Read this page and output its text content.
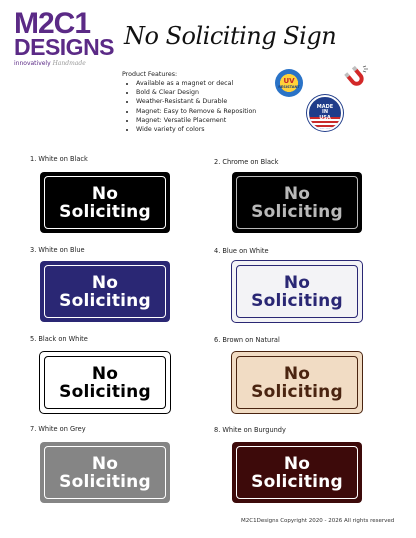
M2C1
DESIGNS
innovatively Handmade
No Soliciting Sign
Product Features:
• Available as a magnet or decal
• Bold & Clear Design
• Weather-Resistant & Durable
• Magnet: Easy to Remove & Reposition
• Magnet: Versatile Placement
• Wide variety of colors
UV
RESISTANT
MADE
IN
USA
1. White on Black
No
Soliciting
2. Chrome on Black
No
Soliciting
3. White on Blue
No
Soliciting
4. Blue on White
No
Soliciting
5. Black on White
No
Soliciting
6. Brown on Natural
No
Soliciting
7. White on Grey
No
Soliciting
8. White on Burgundy
No
Soliciting
M2C1Designs Copyright 2020 - 2026 All rights reserved
